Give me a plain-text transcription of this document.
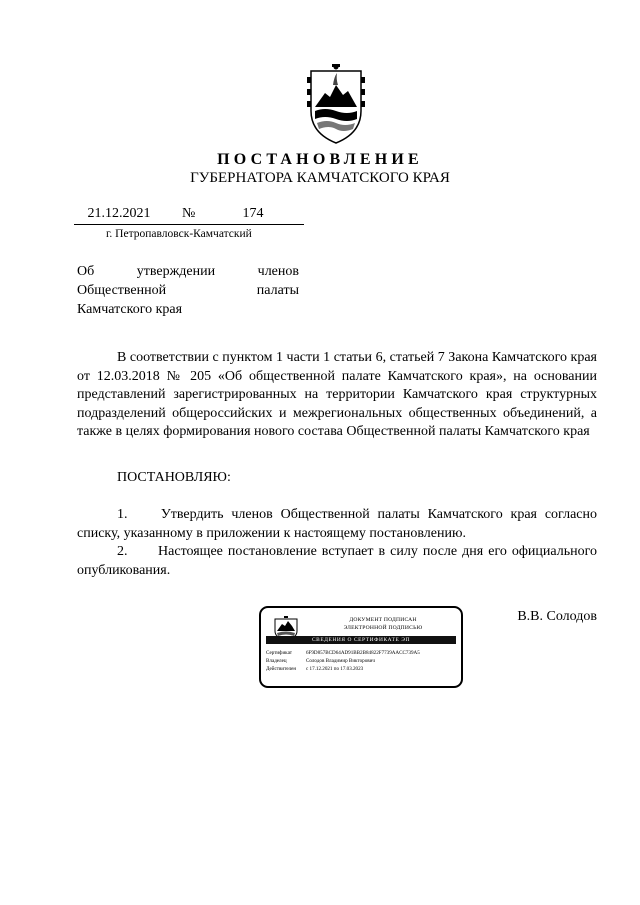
ПОСТАНОВЛЕНИЕ
ГУБЕРНАТОРА КАМЧАТСКОГО КРАЯ
21.12.2021	№	174
г. Петропавловск-Камчатский
Об	утверждении	членов
Общественной	палаты
Камчатского края
В соответствии с пунктом 1 части 1 статьи 6, статьей 7 Закона Камчатского края от 12.03.2018 № 205 «Об общественной палате Камчатского края», на основании представлений зарегистрированных на территории Камчатского края структурных подразделений общероссийских и межрегиональных общественных объединений, а также в целях формирования нового состава Общественной палаты Камчатского края
ПОСТАНОВЛЯЮ:
1. Утвердить членов Общественной палаты Камчатского края согласно списку, указанному в приложении к настоящему постановлению.
2. Настоящее постановление вступает в силу после дня его официального опубликования.
ДОКУМЕНТ ПОДПИСАН
ЭЛЕКТРОННОЙ ПОДПИСЬЮ
СВЕДЕНИЯ О СЕРТИФИКАТЕ ЭП
Сертификат	6F9D857BCD64AD91BB2B84822F7739AACC739A5
Владелец	Солодов Владимир Викторович
Действителен	с 17.12.2021 по 17.03.2023
В.В. Солодов
